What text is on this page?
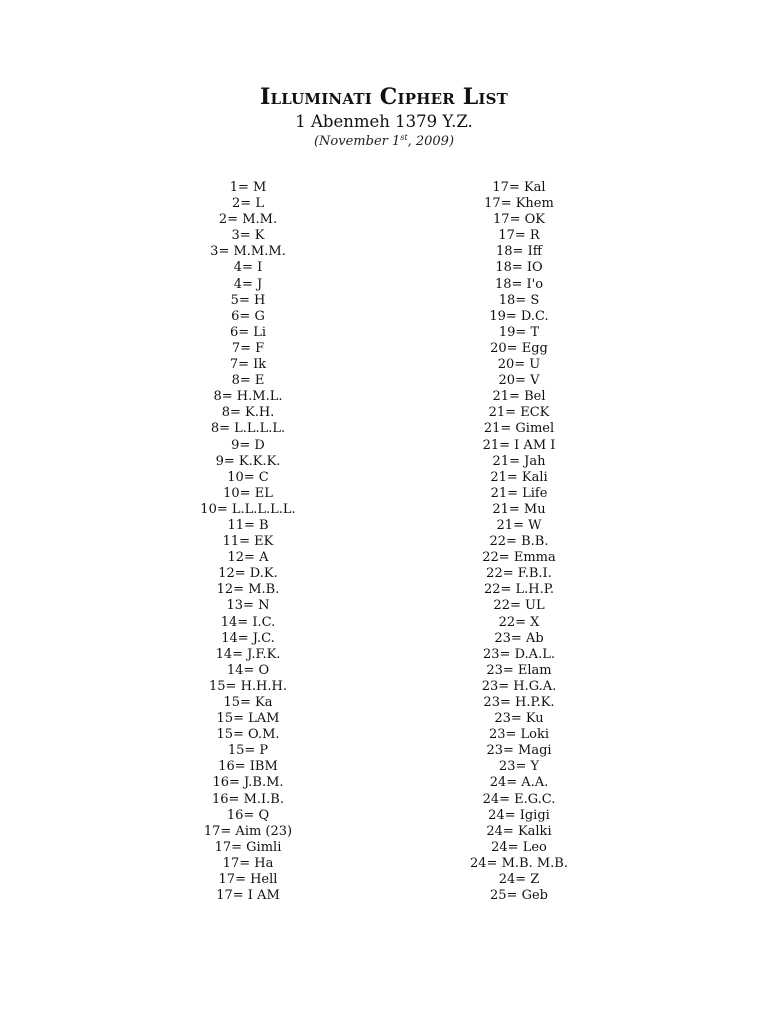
Illuminati Cipher List
1 Abenmeh 1379 Y.Z.
(November 1st, 2009)
1= M
2= L
2= M.M.
3= K
3= M.M.M.
4= I
4= J
5= H
6= G
6= Li
7= F
7= Ik
8= E
8= H.M.L.
8= K.H.
8= L.L.L.L.
9= D
9= K.K.K.
10= C
10= EL
10= L.L.L.L.L.
11= B
11= EK
12= A
12= D.K.
12= M.B.
13= N
14= I.C.
14= J.C.
14= J.F.K.
14= O
15= H.H.H.
15= Ka
15= LAM
15= O.M.
15= P
16= IBM
16= J.B.M.
16= M.I.B.
16= Q
17= Aim (23)
17= Gimli
17= Ha
17= Hell
17= I AM
17= Kal
17= Khem
17= OK
17= R
18= Iff
18= IO
18= I'o
18= S
19= D.C.
19= T
20= Egg
20= U
20= V
21= Bel
21= ECK
21= Gimel
21= I AM I
21= Jah
21= Kali
21= Life
21= Mu
21= W
22= B.B.
22= Emma
22= F.B.I.
22= L.H.P.
22= UL
22= X
23= Ab
23= D.A.L.
23= Elam
23= H.G.A.
23= H.P.K.
23= Ku
23= Loki
23= Magi
23= Y
24= A.A.
24= E.G.C.
24= Igigi
24= Kalki
24= Leo
24= M.B. M.B.
24= Z
25= Geb
